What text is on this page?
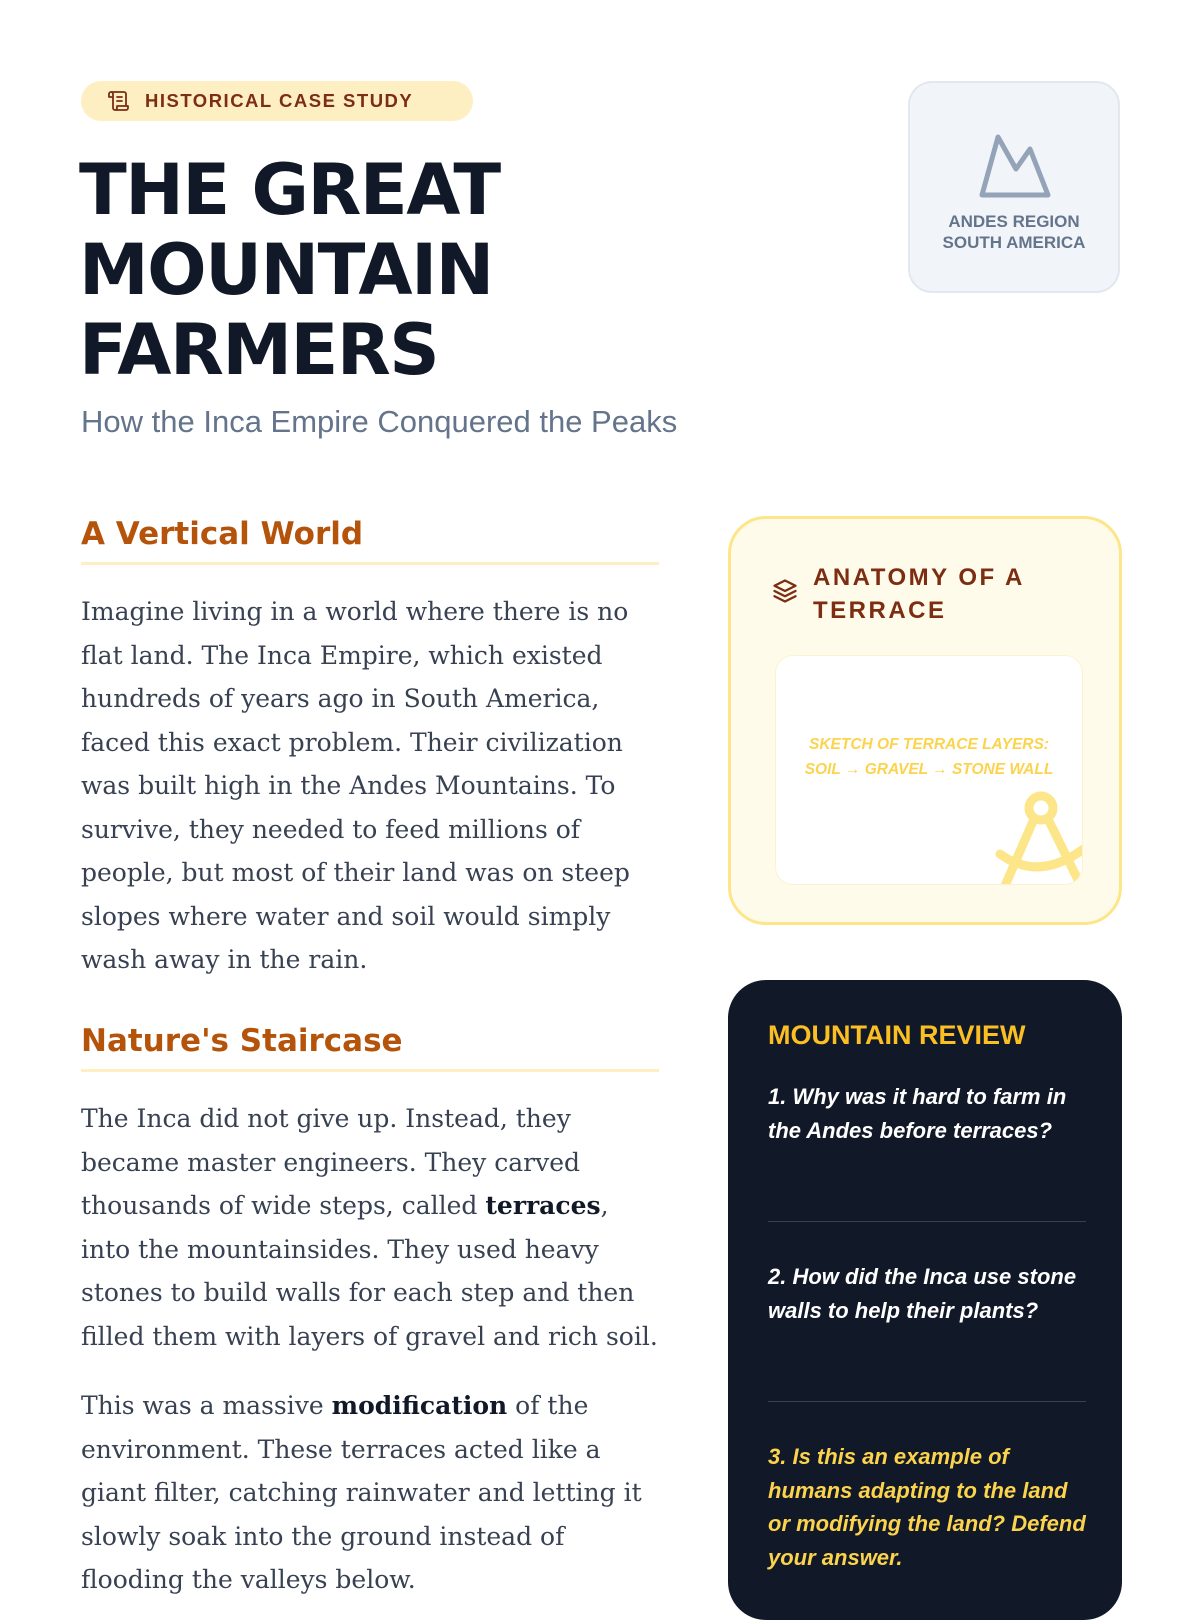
HISTORICAL CASE STUDY
THE GREAT
MOUNTAIN
FARMERS
How the Inca Empire Conquered the Peaks
ANDES REGION
SOUTH AMERICA
A Vertical World

Imagine living in a world where there is no flat land. The Inca Empire, which existed hundreds of years ago in South America, faced this exact problem. Their civilization was built high in the Andes Mountains. To survive, they needed to feed millions of people, but most of their land was on steep slopes where water and soil would simply wash away in the rain.

Nature's Staircase

The Inca did not give up. Instead, they became master engineers. They carved thousands of wide steps, called terraces, into the mountainsides. They used heavy stones to build walls for each step and then filled them with layers of gravel and rich soil.

This was a massive modification of the environment. These terraces acted like a giant filter, catching rainwater and letting it slowly soak into the ground instead of flooding the valleys below.

ANATOMY OF A TERRACE
SKETCH OF TERRACE LAYERS: SOIL → GRAVEL → STONE WALL
MOUNTAIN REVIEW
1. Why was it hard to farm in the Andes before terraces?
2. How did the Inca use stone walls to help their plants?
3. Is this an example of humans adapting to the land or modifying the land? Defend your answer.
